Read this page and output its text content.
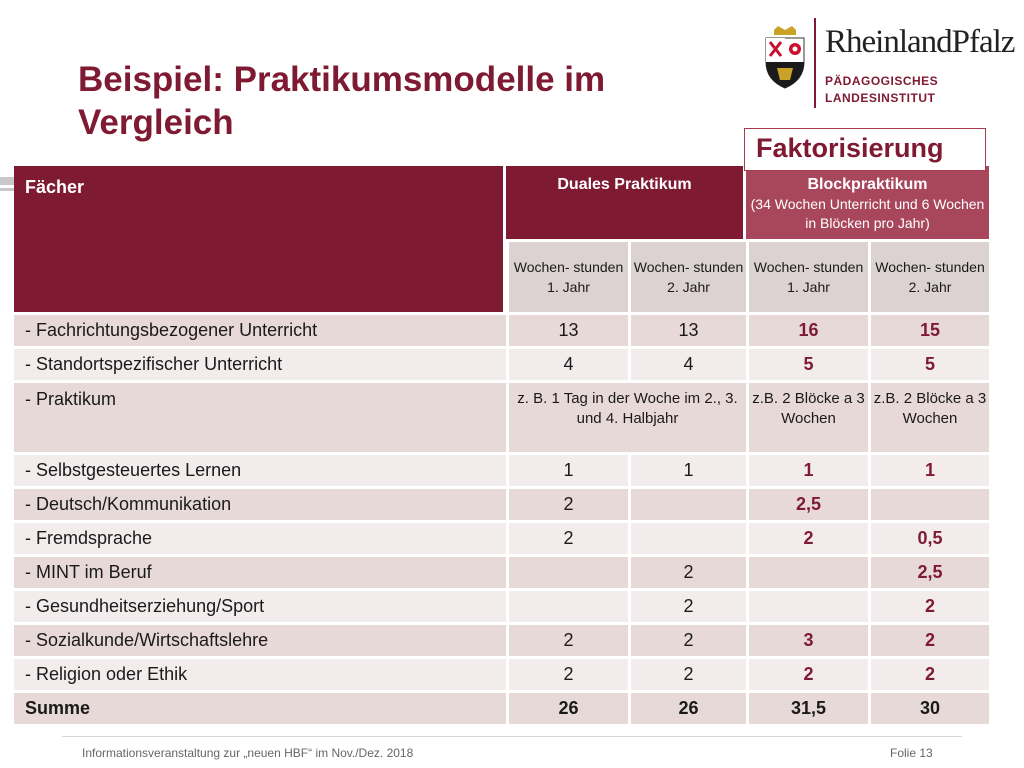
Beispiel: Praktikumsmodelle im
Vergleich
RheinlandPfalz
PÄDAGOGISCHES
LANDESINSTITUT
Faktorisierung
Fächer	Duales Praktikum		Blockpraktikum
(34 Wochen Unterricht und 6 Wochen in Blöcken pro Jahr)	

	Wochen- stunden 1. Jahr	Wochen- stunden 2. Jahr	Wochen- stunden 1. Jahr	Wochen- stunden 2. Jahr
- Fachrichtungsbezogener Unterricht	13	13	16	15
- Standortspezifischer Unterricht	4	4	5	5
- Praktikum	z. B. 1 Tag in der Woche im 2., 3. und 4. Halbjahr		z.B. 2 Blöcke a 3 Wochen	z.B. 2 Blöcke a 3 Wochen
- Selbstgesteuertes Lernen	1	1	1	1
- Deutsch/Kommunikation	2		2,5	
- Fremdsprache	2		2	0,5
- MINT im Beruf		2		2,5
- Gesundheitserziehung/Sport		2		2
- Sozialkunde/Wirtschaftslehre	2	2	3	2
- Religion oder Ethik	2	2	2	2
Summe	26	26	31,5	30
Informationsveranstaltung zur „neuen HBF“ im Nov./Dez. 2018	Folie 13
